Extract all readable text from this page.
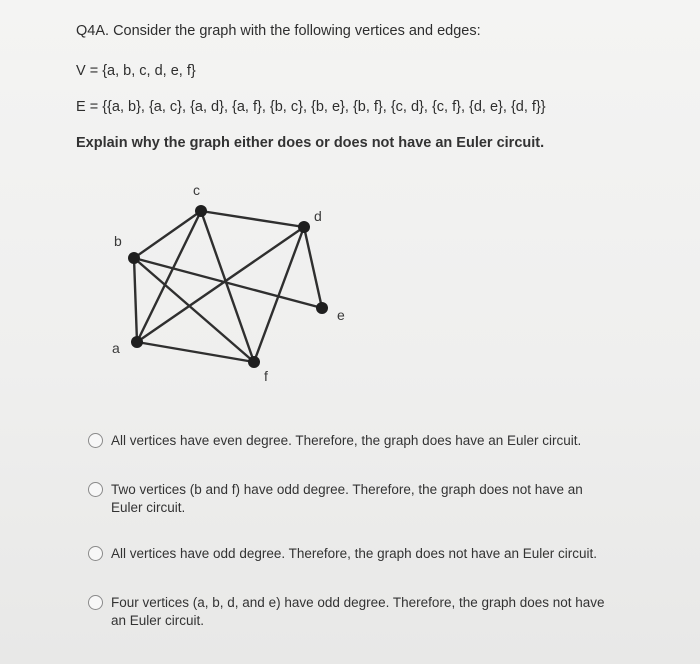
Q4A. Consider the graph with the following vertices and edges:

V = {a, b, c, d, e, f}

E = {{a, b}, {a, c}, {a, d}, {a, f}, {b, c}, {b, e}, {b, f}, {c, d}, {c, f}, {d, e}, {d, f}}

Explain why the graph either does or does not have an Euler circuit.

a
b
c
d
e
f
All vertices have even degree. Therefore, the graph does have an Euler circuit.
Two vertices (b and f) have odd degree. Therefore, the graph does not have an
Euler circuit.
All vertices have odd degree. Therefore, the graph does not have an Euler circuit.
Four vertices (a, b, d, and e) have odd degree. Therefore, the graph does not have
an Euler circuit.
